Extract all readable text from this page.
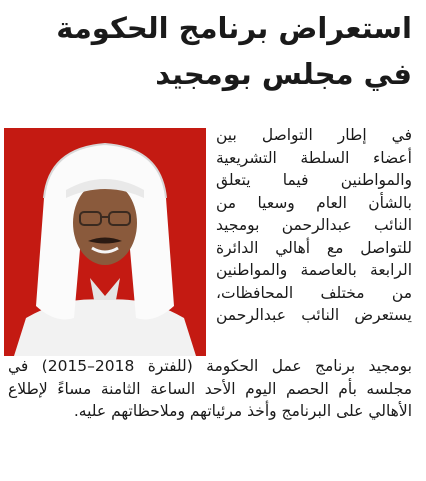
استعراض برنامج الحكومة
في مجلس بومجيد
في إطار التواصل بين
أعضاء السلطة التشريعية
والمواطنين فيما يتعلق
بالشأن العام وسعيا من
النائب عبدالرحمن بومجيد
للتواصل مع أهالي الدائرة
الرابعة بالعاصمة والمواطنين
من مختلف المحافظات،
يستعرض النائب عبدالرحمن
بومجيد برنامج عمل الحكومة (للفترة 2018–2015) في
مجلسه بأم الحصم اليوم الأحد الساعة الثامنة مساءً لإطلاع
الأهالي على البرنامج وأخذ مرئياتهم وملاحظاتهم عليه.
